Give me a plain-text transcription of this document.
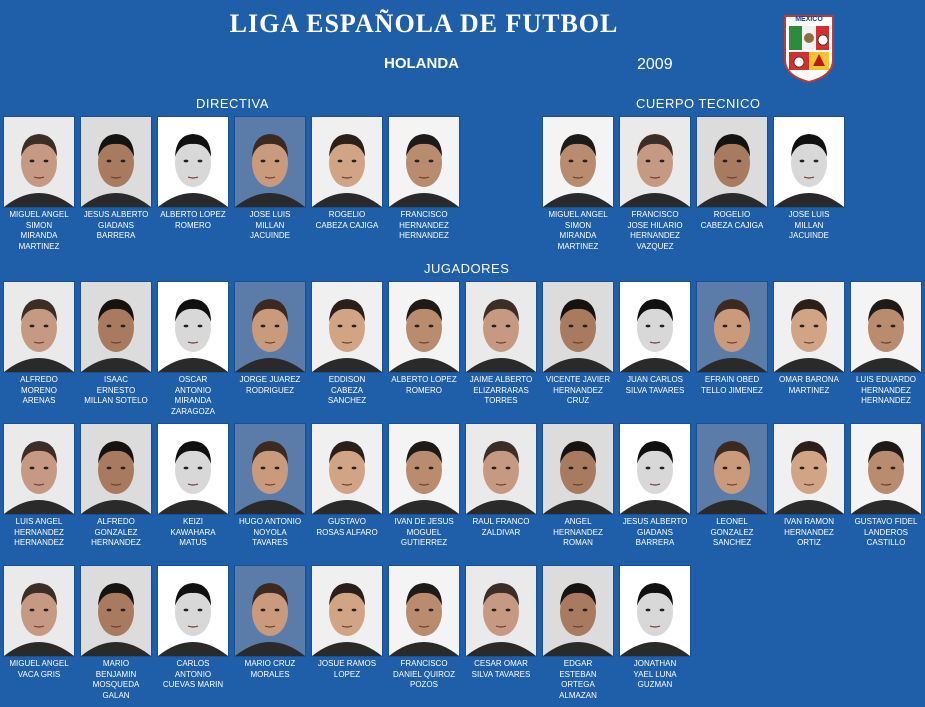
LIGA ESPAÑOLA DE FUTBOL
HOLANDA	2009
MEXICO
DIRECTIVA	CUERPO TECNICO
JUGADORES
MIGUEL ANGEL
SIMON
MIRANDA
MARTINEZ
JESUS ALBERTO
GIADANS
BARRERA
ALBERTO LOPEZ
ROMERO
JOSE LUIS
MILLAN
JACUINDE
ROGELIO
CABEZA CAJIGA
FRANCISCO
HERNANDEZ
HERNANDEZ
MIGUEL ANGEL
SIMON
MIRANDA
MARTINEZ
FRANCISCO
JOSE HILARIO
HERNANDEZ
VAZQUEZ
ROGELIO
CABEZA CAJIGA
JOSE LUIS
MILLAN
JACUINDE
ALFREDO
MORENO
ARENAS
ISAAC
ERNESTO
MILLAN SOTELO
OSCAR
ANTONIO
MIRANDA
ZARAGOZA
JORGE JUAREZ
RODRIGUEZ
EDDISON
CABEZA
SANCHEZ
ALBERTO LOPEZ
ROMERO
JAIME ALBERTO
ELIZARRARAS
TORRES
VICENTE JAVIER
HERNANDEZ
CRUZ
JUAN CARLOS
SILVA TAVARES
EFRAIN OBED
TELLO JIMENEZ
OMAR BARONA
MARTINEZ
LUIS EDUARDO
HERNANDEZ
HERNANDEZ
LUIS ANGEL
HERNANDEZ
HERNANDEZ
ALFREDO
GONZALEZ
HERNANDEZ
KEIZI
KAWAHARA
MATUS
HUGO ANTONIO
NOYOLA
TAVARES
GUSTAVO
ROSAS ALFARO
IVAN DE JESUS
MOGUEL
GUTIERREZ
RAUL FRANCO
ZALDIVAR
ANGEL
HERNANDEZ
ROMAN
JESUS ALBERTO
GIADANS
BARRERA
LEONEL
GONZALEZ
SANCHEZ
IVAN RAMON
HERNANDEZ
ORTIZ
GUSTAVO FIDEL
LANDEROS
CASTILLO
MIGUEL ANGEL
VACA GRIS
MARIO
BENJAMIN
MOSQUEDA
GALAN
CARLOS
ANTONIO
CUEVAS MARIN
MARIO CRUZ
MORALES
JOSUE RAMOS
LOPEZ
FRANCISCO
DANIEL QUIROZ
POZOS
CESAR OMAR
SILVA TAVARES
EDGAR
ESTEBAN
ORTEGA
ALMAZAN
JONATHAN
YAEL LUNA
GUZMAN
